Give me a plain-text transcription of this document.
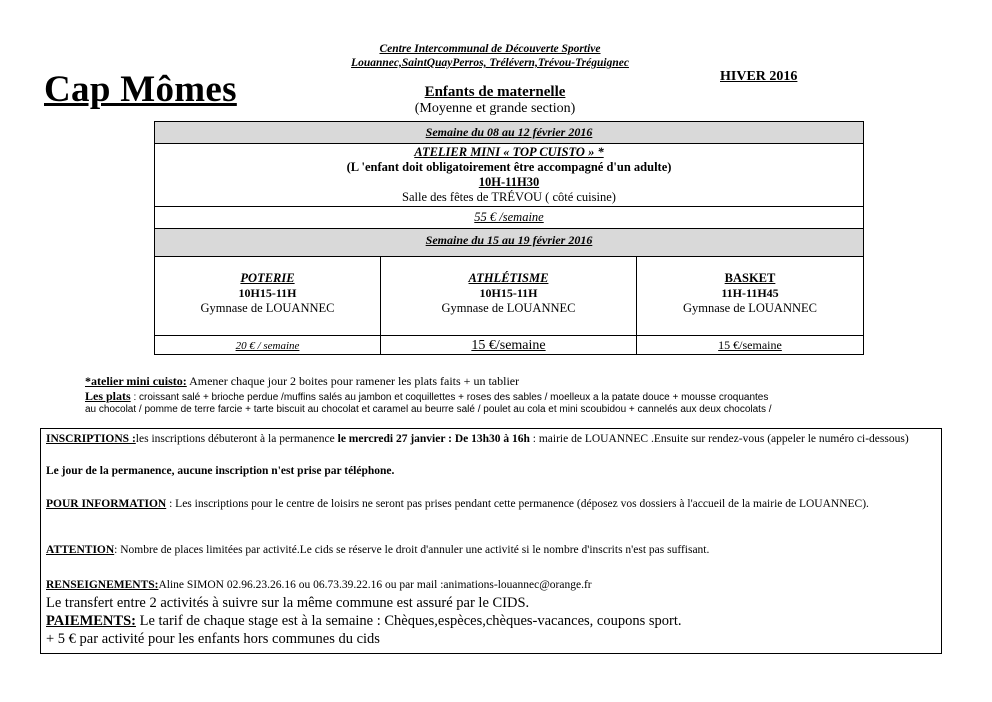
Cap Mômes
Centre Intercommunal de Découverte Sportive
Louannec,SaintQuayPerros, Trélévern,Trévou-Tréguignec
HIVER 2016
Enfants de maternelle
(Moyenne et grande section)
Semaine du 08 au 12 février 2016
ATELIER MINI « TOP CUISTO » *
(L 'enfant doit obligatoirement être accompagné d'un adulte)
10H-11H30
Salle des fêtes de TRÉVOU ( côté cuisine)
55 € /semaine
Semaine du 15 au 19 février 2016
POTERIE
10H15-11H
Gymnase de LOUANNEC
ATHLÉTISME
10H15-11H
Gymnase de LOUANNEC
BASKET
11H-11H45
Gymnase de LOUANNEC
20 € / semaine	15 €/semaine	15 €/semaine
*atelier mini cuisto: Amener chaque jour 2 boites pour ramener les plats faits + un tablier
Les plats : croissant salé + brioche perdue /muffins salés au jambon et coquillettes + roses des sables / moelleux a la patate douce + mousse croquantes
au chocolat / pomme de terre farcie + tarte biscuit au chocolat et caramel au beurre salé / poulet au cola et mini scoubidou + cannelés aux deux chocolats /
INSCRIPTIONS :les inscriptions débuteront à la permanence le mercredi 27 janvier : De 13h30 à 16h : mairie de LOUANNEC .Ensuite sur rendez-vous (appeler le numéro ci-dessous)
Le jour de la permanence, aucune inscription n'est prise par téléphone.
POUR INFORMATION : Les inscriptions pour le centre de loisirs ne seront pas prises pendant cette permanence (déposez vos dossiers à l'accueil de la mairie de LOUANNEC).
ATTENTION: Nombre de places limitées par activité.Le cids se réserve le droit d'annuler une activité si le nombre d'inscrits n'est pas suffisant.
RENSEIGNEMENTS:Aline SIMON 02.96.23.26.16 ou 06.73.39.22.16 ou par mail :animations-louannec@orange.fr
Le transfert entre 2 activités à suivre sur la même commune est assuré par le CIDS.
PAIEMENTS: Le tarif de chaque stage est à la semaine : Chèques,espèces,chèques-vacances, coupons sport.
+ 5 € par activité pour les enfants hors communes du cids
